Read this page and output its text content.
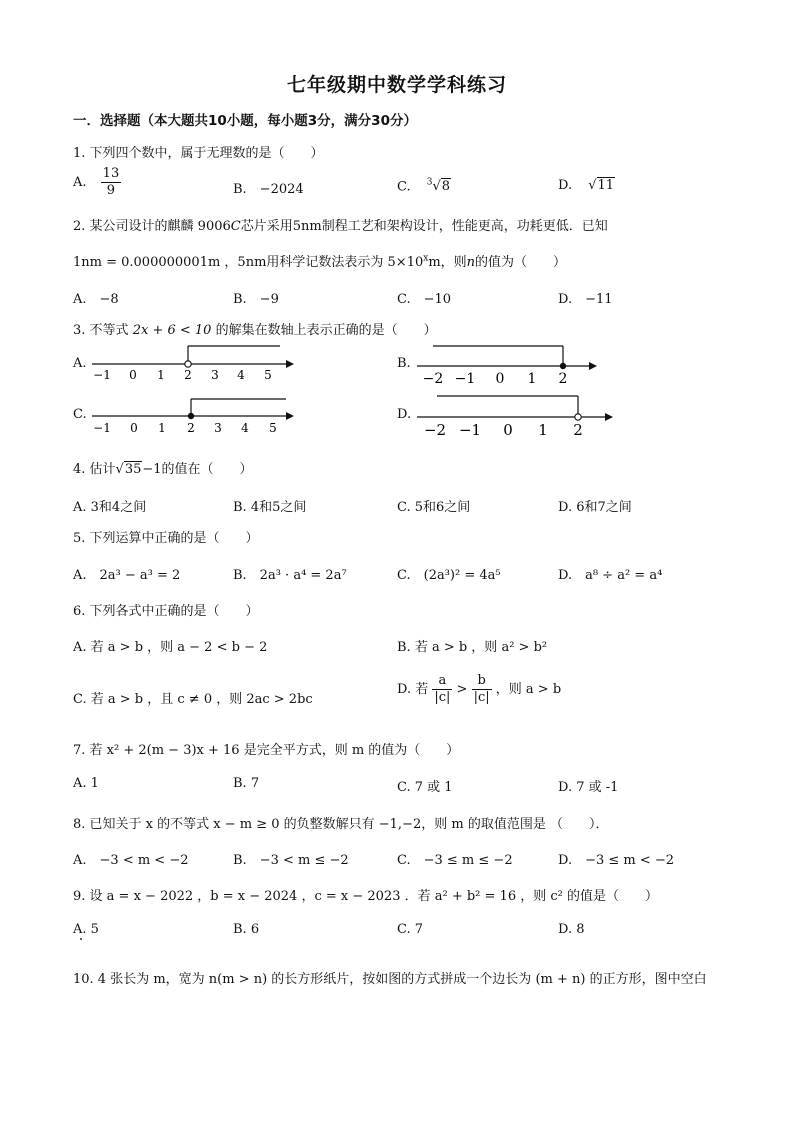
七年级期中数学学科练习
一．选择题（本大题共10小题，每小题3分，满分30分）
1. 下列四个数中，属于无理数的是（　　）
A. $\frac{13}{9}$	B.　−2024	C. $^3$√8	D. √11
2. 某公司设计的麒麟 9006C芯片采用5nm制程工艺和架构设计，性能更高，功耗更低．已知
1nm = 0.000000001m ，5nm用科学记数法表示为 $5\times 10^xm$，则n的值为（　　）
A.　−8	B.　−9	C.　−10	D.　−11
3. 不等式 2x + 6 < 10 的解集在数轴上表示正确的是（　　）
A.	B.
C.	D.
−1 0 1 2 3 4 5	−2 −1 0 1 2
−1 0 1 2 3 4 5	−2 −1 0 1 2
4. 估计√35−1的值在（　　）
A. 3和4之间	B. 4和5之间	C. 5和6之间	D. 6和7之间
5. 下列运算中正确的是（　　）
A.　2a³ − a³ = 2	B.　2a³ · a⁴ = 2a⁷	C.　(2a³)² = 4a⁵	D.　a⁸ ÷ a² = a⁴
6. 下列各式中正确的是（　　）
A. 若 a > b ，则 a − 2 < b − 2	B. 若 a > b ，则 a² > b²
C. 若 a > b ，且 c ≠ 0 ，则 2ac > 2bc
D. 若 $\frac{a}{|c|} > \frac{b}{|c|}$ ，则 a > b
7. 若 x² + 2(m − 3)x + 16 是完全平方式，则 m 的值为（　　）
A. 1	B. 7	C. 7 或 1	D. 7 或 -1
8. 已知关于 x 的不等式 x − m ≥ 0 的负整数解只有 −1,−2，则 m 的取值范围是 （　　）．
A.　−3 < m < −2	B.　−3 < m ≤ −2	C.　−3 ≤ m ≤ −2	D.　−3 ≤ m < −2
9. 设 a = x − 2022 ，b = x − 2024 ，c = x − 2023 ．若 a² + b² = 16 ，则 c² 的值是（　　）
A. 5	B. 6	C. 7	D. 8
10. 4 张长为 m，宽为 n(m > n) 的长方形纸片，按如图的方式拼成一个边长为 (m + n) 的正方形，图中空白
